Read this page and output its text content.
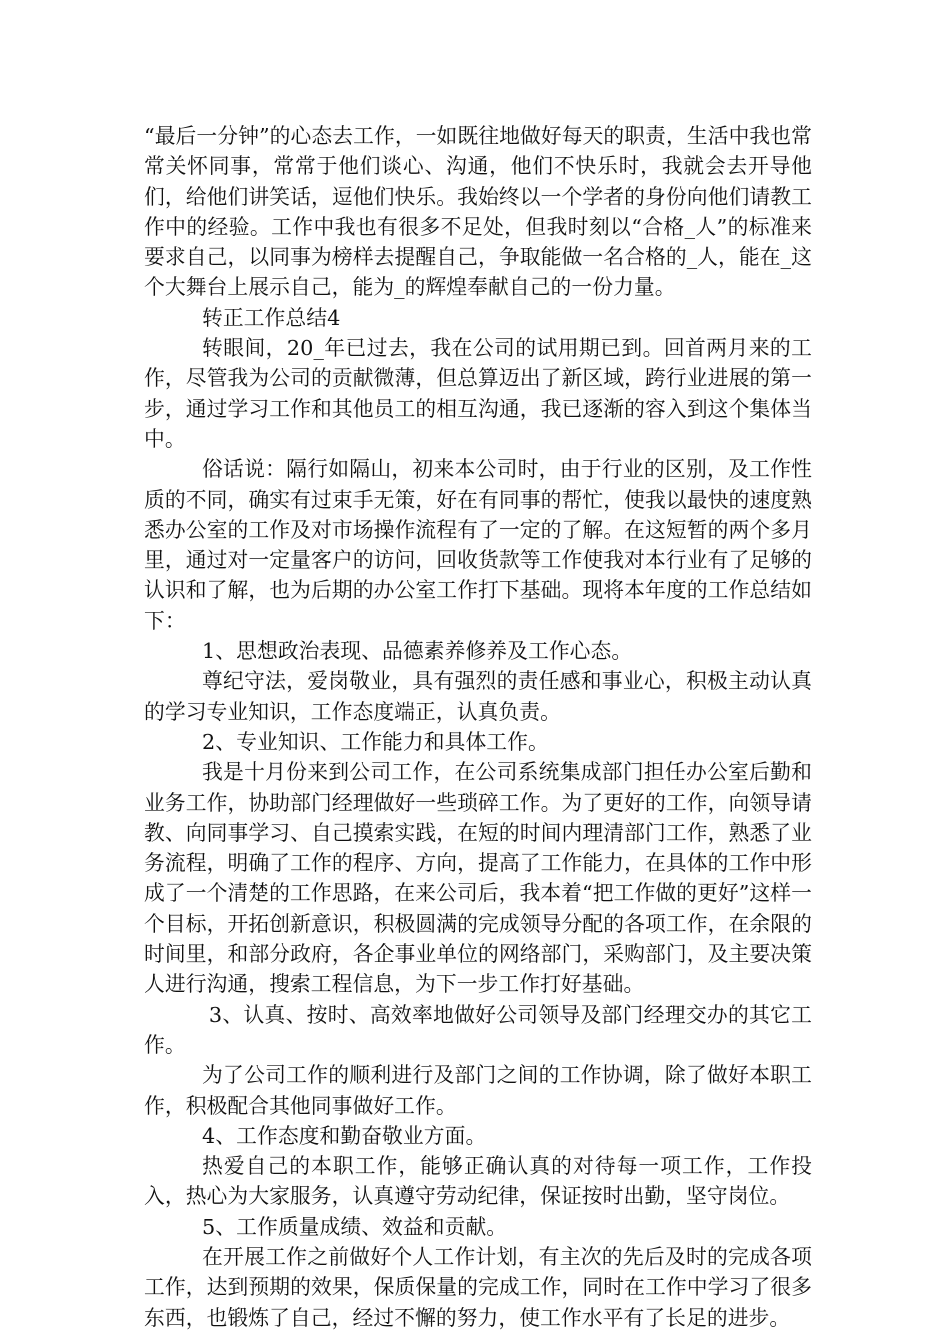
“最后一分钟”的心态去工作，一如既往地做好每天的职责，生活中我也常常关怀同事，常常于他们谈心、沟通，他们不快乐时，我就会去开导他们，给他们讲笑话，逗他们快乐。我始终以一个学者的身份向他们请教工作中的经验。工作中我也有很多不足处，但我时刻以“合格_人”的标准来要求自己，以同事为榜样去提醒自己，争取能做一名合格的_人，能在_这个大舞台上展示自己，能为_的辉煌奉献自己的一份力量。

转正工作总结4

转眼间，20_年已过去，我在公司的试用期已到。回首两月来的工作，尽管我为公司的贡献微薄，但总算迈出了新区域，跨行业进展的第一步，通过学习工作和其他员工的相互沟通，我已逐渐的容入到这个集体当中。

俗话说：隔行如隔山，初来本公司时，由于行业的区别，及工作性质的不同，确实有过束手无策，好在有同事的帮忙，使我以最快的速度熟悉办公室的工作及对市场操作流程有了一定的了解。在这短暂的两个多月里，通过对一定量客户的访问，回收货款等工作使我对本行业有了足够的认识和了解，也为后期的办公室工作打下基础。现将本年度的工作总结如下：

1、思想政治表现、品德素养修养及工作心态。

尊纪守法，爱岗敬业，具有强烈的责任感和事业心，积极主动认真的学习专业知识，工作态度端正，认真负责。

2、专业知识、工作能力和具体工作。

我是十月份来到公司工作，在公司系统集成部门担任办公室后勤和业务工作，协助部门经理做好一些琐碎工作。为了更好的工作，向领导请教、向同事学习、自己摸索实践，在短的时间内理清部门工作，熟悉了业务流程，明确了工作的程序、方向，提高了工作能力，在具体的工作中形成了一个清楚的工作思路，在来公司后，我本着“把工作做的更好”这样一个目标，开拓创新意识，积极圆满的完成领导分配的各项工作，在余限的时间里，和部分政府，各企事业单位的网络部门，采购部门，及主要决策人进行沟通，搜索工程信息，为下一步工作打好基础。

3、认真、按时、高效率地做好公司领导及部门经理交办的其它工作。

为了公司工作的顺利进行及部门之间的工作协调，除了做好本职工作，积极配合其他同事做好工作。

4、工作态度和勤奋敬业方面。

热爱自己的本职工作，能够正确认真的对待每一项工作，工作投入，热心为大家服务，认真遵守劳动纪律，保证按时出勤，坚守岗位。

5、工作质量成绩、效益和贡献。

在开展工作之前做好个人工作计划，有主次的先后及时的完成各项工作，达到预期的效果，保质保量的完成工作，同时在工作中学习了很多东西，也锻炼了自己，经过不懈的努力，使工作水平有了长足的进步。
